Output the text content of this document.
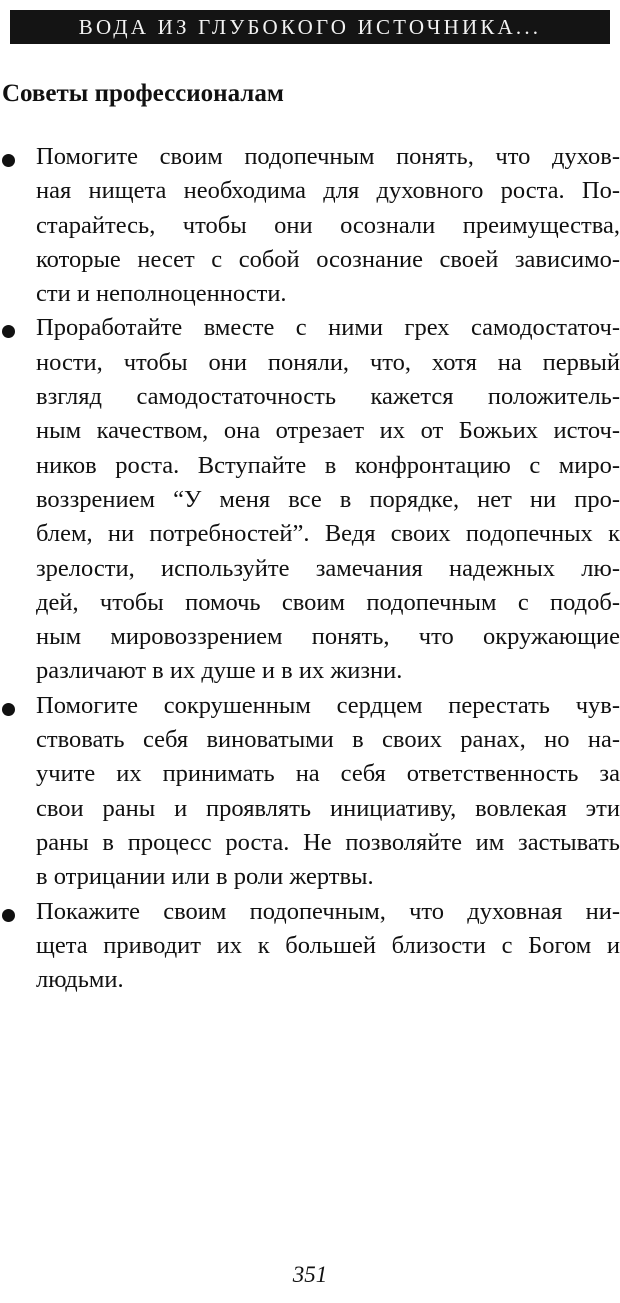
ВОДА ИЗ ГЛУБОКОГО ИСТОЧНИКА...
Советы профессионалам
Помогите своим подопечным понять, что духов-
ная нищета необходима для духовного роста. По-
старайтесь, чтобы они осознали преимущества,
которые несет с собой осознание своей зависимо-
сти и неполноценности.
Проработайте вместе с ними грех самодостаточ-
ности, чтобы они поняли, что, хотя на первый
взгляд самодостаточность кажется положитель-
ным качеством, она отрезает их от Божьих источ-
ников роста. Вступайте в конфронтацию с миро-
воззрением “У меня все в порядке, нет ни про-
блем, ни потребностей”. Ведя своих подопечных к
зрелости, используйте замечания надежных лю-
дей, чтобы помочь своим подопечным с подоб-
ным мировоззрением понять, что окружающие
различают в их душе и в их жизни.
Помогите сокрушенным сердцем перестать чув-
ствовать себя виноватыми в своих ранах, но на-
учите их принимать на себя ответственность за
свои раны и проявлять инициативу, вовлекая эти
раны в процесс роста. Не позволяйте им застывать
в отрицании или в роли жертвы.
Покажите своим подопечным, что духовная ни-
щета приводит их к большей близости с Богом и
людьми.
351
